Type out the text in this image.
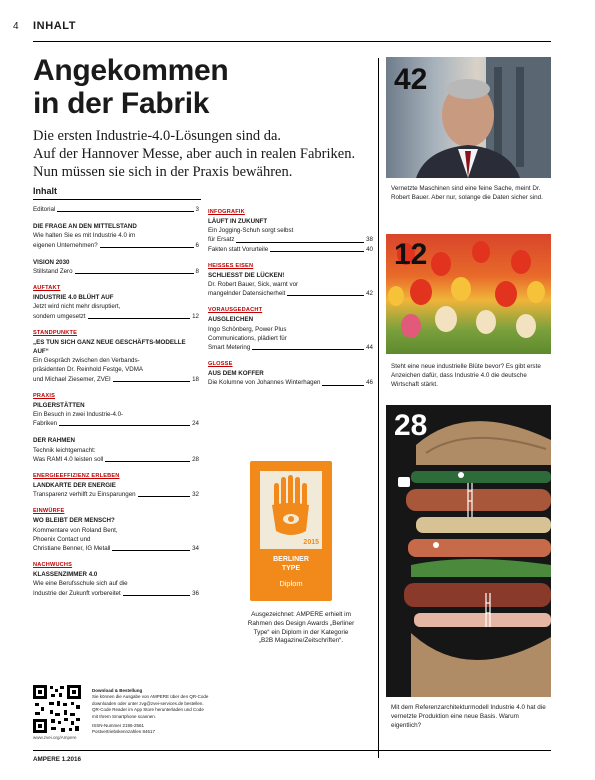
4 INHALT
Angekommen
in der Fabrik
Die ersten Industrie-4.0-Lösungen sind da.
Auf der Hannover Messe, aber auch in realen Fabriken.
Nun müssen sie sich in der Praxis bewähren.
Inhalt
Editorial	3
DIE FRAGE AN DEN MITTELSTAND
Wie halten Sie es mit Industrie 4.0 im
eigenen Unternehmen?	6
VISION 2030
Stillstand Zero	8
AUFTAKT
INDUSTRIE 4.0 BLÜHT AUF
Jetzt wird nicht mehr disruptiert,
sondern umgesetzt	12
STANDPUNKTE
„ES TUN SICH GANZ NEUE GESCHÄFTS-MODELLE AUF“
Ein Gespräch zwischen den Verbands-
präsidenten Dr. Reinhold Festge, VDMA
und Michael Ziesemer, ZVEI	18
PRAXIS
PILGERSTÄTTEN
Ein Besuch in zwei Industrie-4.0-
Fabriken	24
DER RAHMEN
Technik leichtgemacht:
Was RAMI 4.0 leisten soll	28
ENERGIEEFFIZIENZ ERLEBEN
LANDKARTE DER ENERGIE
Transparenz verhilft zu Einsparungen	32
EINWÜRFE
WO BLEIBT DER MENSCH?
Kommentare von Roland Bent,
Phoenix Contact und
Christiane Benner, IG Metall	34
NACHWUCHS
KLASSENZIMMER 4.0
Wie eine Berufsschule sich auf die
Industrie der Zukunft vorbereitet	36
INFOGRAFIK
LÄUFT IN ZUKUNFT
Ein Jogging-Schuh sorgt selbst
für Ersatz	38
Fakten statt Vorurteile	40
HEISSES EISEN
SCHLIESST DIE LÜCKEN!
Dr. Robert Bauer, Sick, warnt vor
mangelnder Datensicherheit	42
VORAUSGEDACHT
AUSGLEICHEN
Ingo Schönberg, Power Plus
Communications, plädiert für
Smart Metering	44
GLOSSE
AUS DEM KOFFER
Die Kolumne von Johannes Winterhagen	46
42
Vernetzte Maschinen sind eine feine Sache, meint Dr. Robert Bauer. Aber nur, solange die Daten sicher sind.
12
Steht eine neue industrielle Blüte bevor? Es gibt erste Anzeichen dafür, dass Industrie 4.0 die deutsche Wirtschaft stärkt.
28
Mit dem Referenzarchitekturmodell Industrie 4.0 hat die vernetzte Produktion eine neue Basis. Warum eigentlich?
2015
BERLINER
TYPE
Diplom
Ausgezeichnet: AMPERE erhielt im
Rahmen des Design Awards „Berliner
Type“ ein Diplom in der Kategorie
„B2B Magazine/Zeitschriften“.
www.zvei.org/Ampere
Download & Bestellung
Sie können die Ausgabe von AMPERE über den QR-Code
downloaden oder unter zvg@zvei-services.de bestellen.
QR-Code Reader im App Store herunterladen und Code
mit Ihrem Smartphone scannen.
ISSN-Nummer 2196-2561
Postvertriebskennzahlen 84617
AMPERE 1.2016
